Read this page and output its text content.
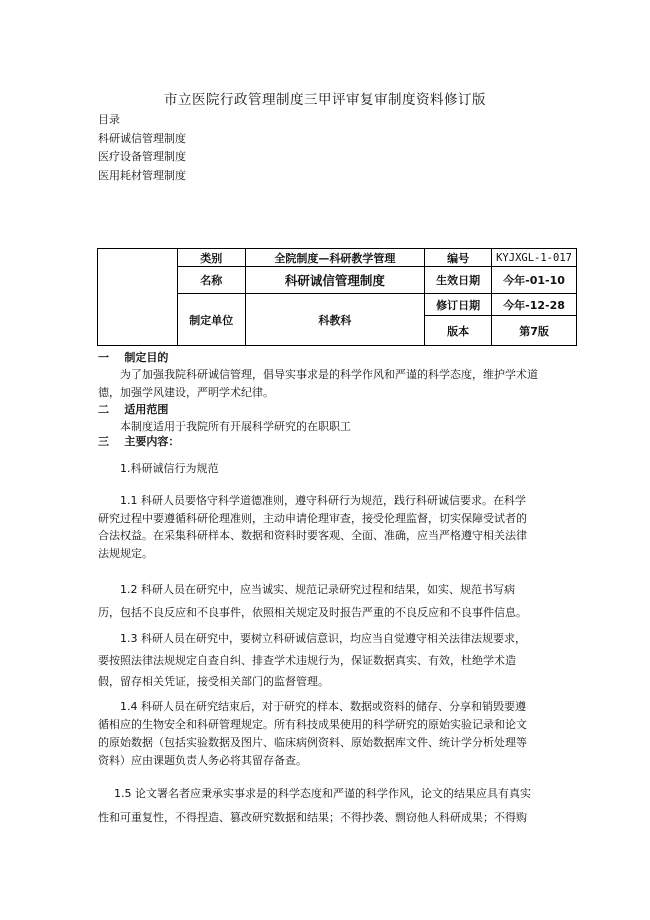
市立医院行政管理制度三甲评审复审制度资料修订版
目录
科研诚信管理制度
医疗设备管理制度
医用耗材管理制度
	类别	全院制度—科研教学管理	编号	KYJXGL-1-017
	名称	科研诚信管理制度	生效日期	今年-01-10
	制定单位	科教科	修订日期	今年-12-28
			版本	第7版
一 制定目的
为了加强我院科研诚信管理，倡导实事求是的科学作风和严谨的科学态度，维护学术道
德，加强学风建设，严明学术纪律。
二 适用范围
本制度适用于我院所有开展科学研究的在职职工
三 主要内容：
1.科研诚信行为规范
1.1 科研人员要恪守科学道德准则，遵守科研行为规范，践行科研诚信要求。在科学
研究过程中要遵循科研伦理准则，主动申请伦理审查，接受伦理监督，切实保障受试者的
合法权益。在采集科研样本、数据和资料时要客观、全面、准确，应当严格遵守相关法律
法规规定。
1.2 科研人员在研究中，应当诚实、规范记录研究过程和结果，如实、规范书写病
历，包括不良反应和不良事件，依照相关规定及时报告严重的不良反应和不良事件信息。
1.3 科研人员在研究中，要树立科研诚信意识，均应当自觉遵守相关法律法规要求，
要按照法律法规规定自查自纠、排查学术违规行为，保证数据真实、有效，杜绝学术造
假，留存相关凭证，接受相关部门的监督管理。
1.4 科研人员在研究结束后，对于研究的样本、数据或资料的储存、分享和销毁要遵
循相应的生物安全和科研管理规定。所有科技成果使用的科学研究的原始实验记录和论文
的原始数据（包括实验数据及图片、临床病例资料、原始数据库文件、统计学分析处理等
资料）应由课题负责人务必将其留存备查。
1.5 论文署名者应秉承实事求是的科学态度和严谨的科学作风，论文的结果应具有真实
性和可重复性，不得捏造、篡改研究数据和结果；不得抄袭、剽窃他人科研成果；不得购
